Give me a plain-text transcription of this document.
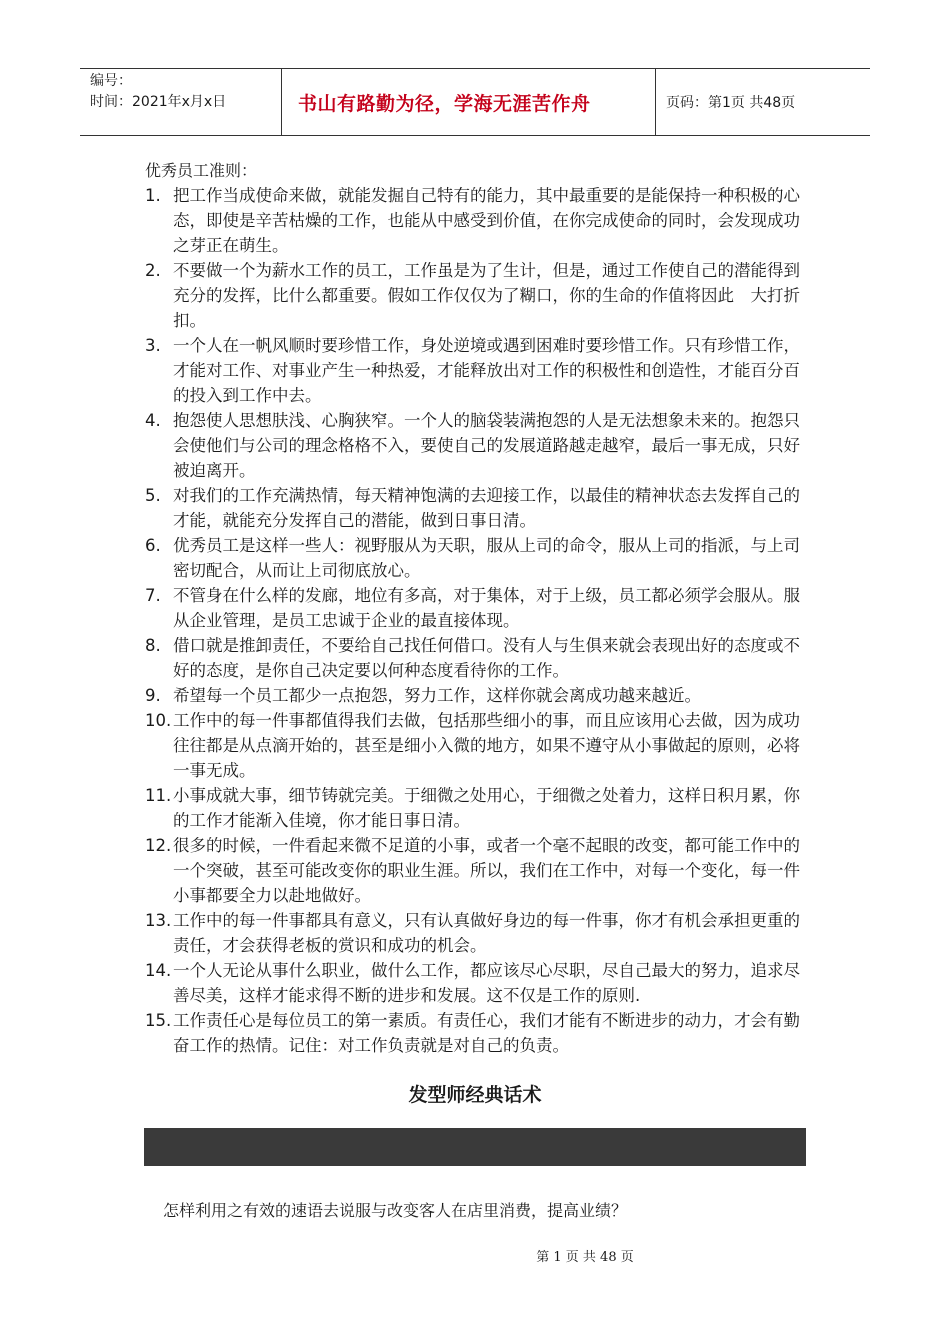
编号：
时间：2021年x月x日	书山有路勤为径，学海无涯苦作舟	页码：第1页 共48页
优秀员工准则：
1. 把工作当成使命来做，就能发掘自己特有的能力，其中最重要的是能保持一种积极的心态，即使是辛苦枯燥的工作，也能从中感受到价值，在你完成使命的同时，会发现成功之芽正在萌生。
2. 不要做一个为薪水工作的员工，工作虽是为了生计，但是，通过工作使自己的潜能得到充分的发挥，比什么都重要。假如工作仅仅为了糊口，你的生命的作值将因此　大打折扣。
3. 一个人在一帆风顺时要珍惜工作，身处逆境或遇到困难时要珍惜工作。只有珍惜工作，才能对工作、对事业产生一种热爱，才能释放出对工作的积极性和创造性，才能百分百的投入到工作中去。
4. 抱怨使人思想肤浅、心胸狭窄。一个人的脑袋装满抱怨的人是无法想象未来的。抱怨只会使他们与公司的理念格格不入，要使自己的发展道路越走越窄，最后一事无成，只好被迫离开。
5. 对我们的工作充满热情，每天精神饱满的去迎接工作，以最佳的精神状态去发挥自己的才能，就能充分发挥自己的潜能，做到日事日清。
6. 优秀员工是这样一些人：视野服从为天职，服从上司的命令，服从上司的指派，与上司密切配合，从而让上司彻底放心。
7. 不管身在什么样的发廊，地位有多高，对于集体，对于上级，员工都必须学会服从。服从企业管理，是员工忠诚于企业的最直接体现。
8. 借口就是推卸责任，不要给自己找任何借口。没有人与生俱来就会表现出好的态度或不好的态度，是你自己决定要以何种态度看待你的工作。
9. 希望每一个员工都少一点抱怨，努力工作，这样你就会离成功越来越近。
10. 工作中的每一件事都值得我们去做，包括那些细小的事，而且应该用心去做，因为成功　往往都是从点滴开始的，甚至是细小入微的地方，如果不遵守从小事做起的原则，必将一事无成。
11. 小事成就大事，细节铸就完美。于细微之处用心，于细微之处着力，这样日积月累，你的工作才能渐入佳境，你才能日事日清。
12. 很多的时候，一件看起来微不足道的小事，或者一个毫不起眼的改变，都可能工作中的一个突破，甚至可能改变你的职业生涯。所以，我们在工作中，对每一个变化，每一件小事都要全力以赴地做好。
13. 工作中的每一件事都具有意义，只有认真做好身边的每一件事，你才有机会承担更重的责任，才会获得老板的赏识和成功的机会。
14. 一个人无论从事什么职业，做什么工作，都应该尽心尽职，尽自己最大的努力，追求尽善尽美，这样才能求得不断的进步和发展。这不仅是工作的原则.
15. 工作责任心是每位员工的第一素质。有责任心，我们才能有不断进步的动力，才会有勤奋工作的热情。记住：对工作负责就是对自己的负责。
发型师经典话术
怎样利用之有效的速语去说服与改变客人在店里消费，提高业绩？
第 1 页 共 48 页
